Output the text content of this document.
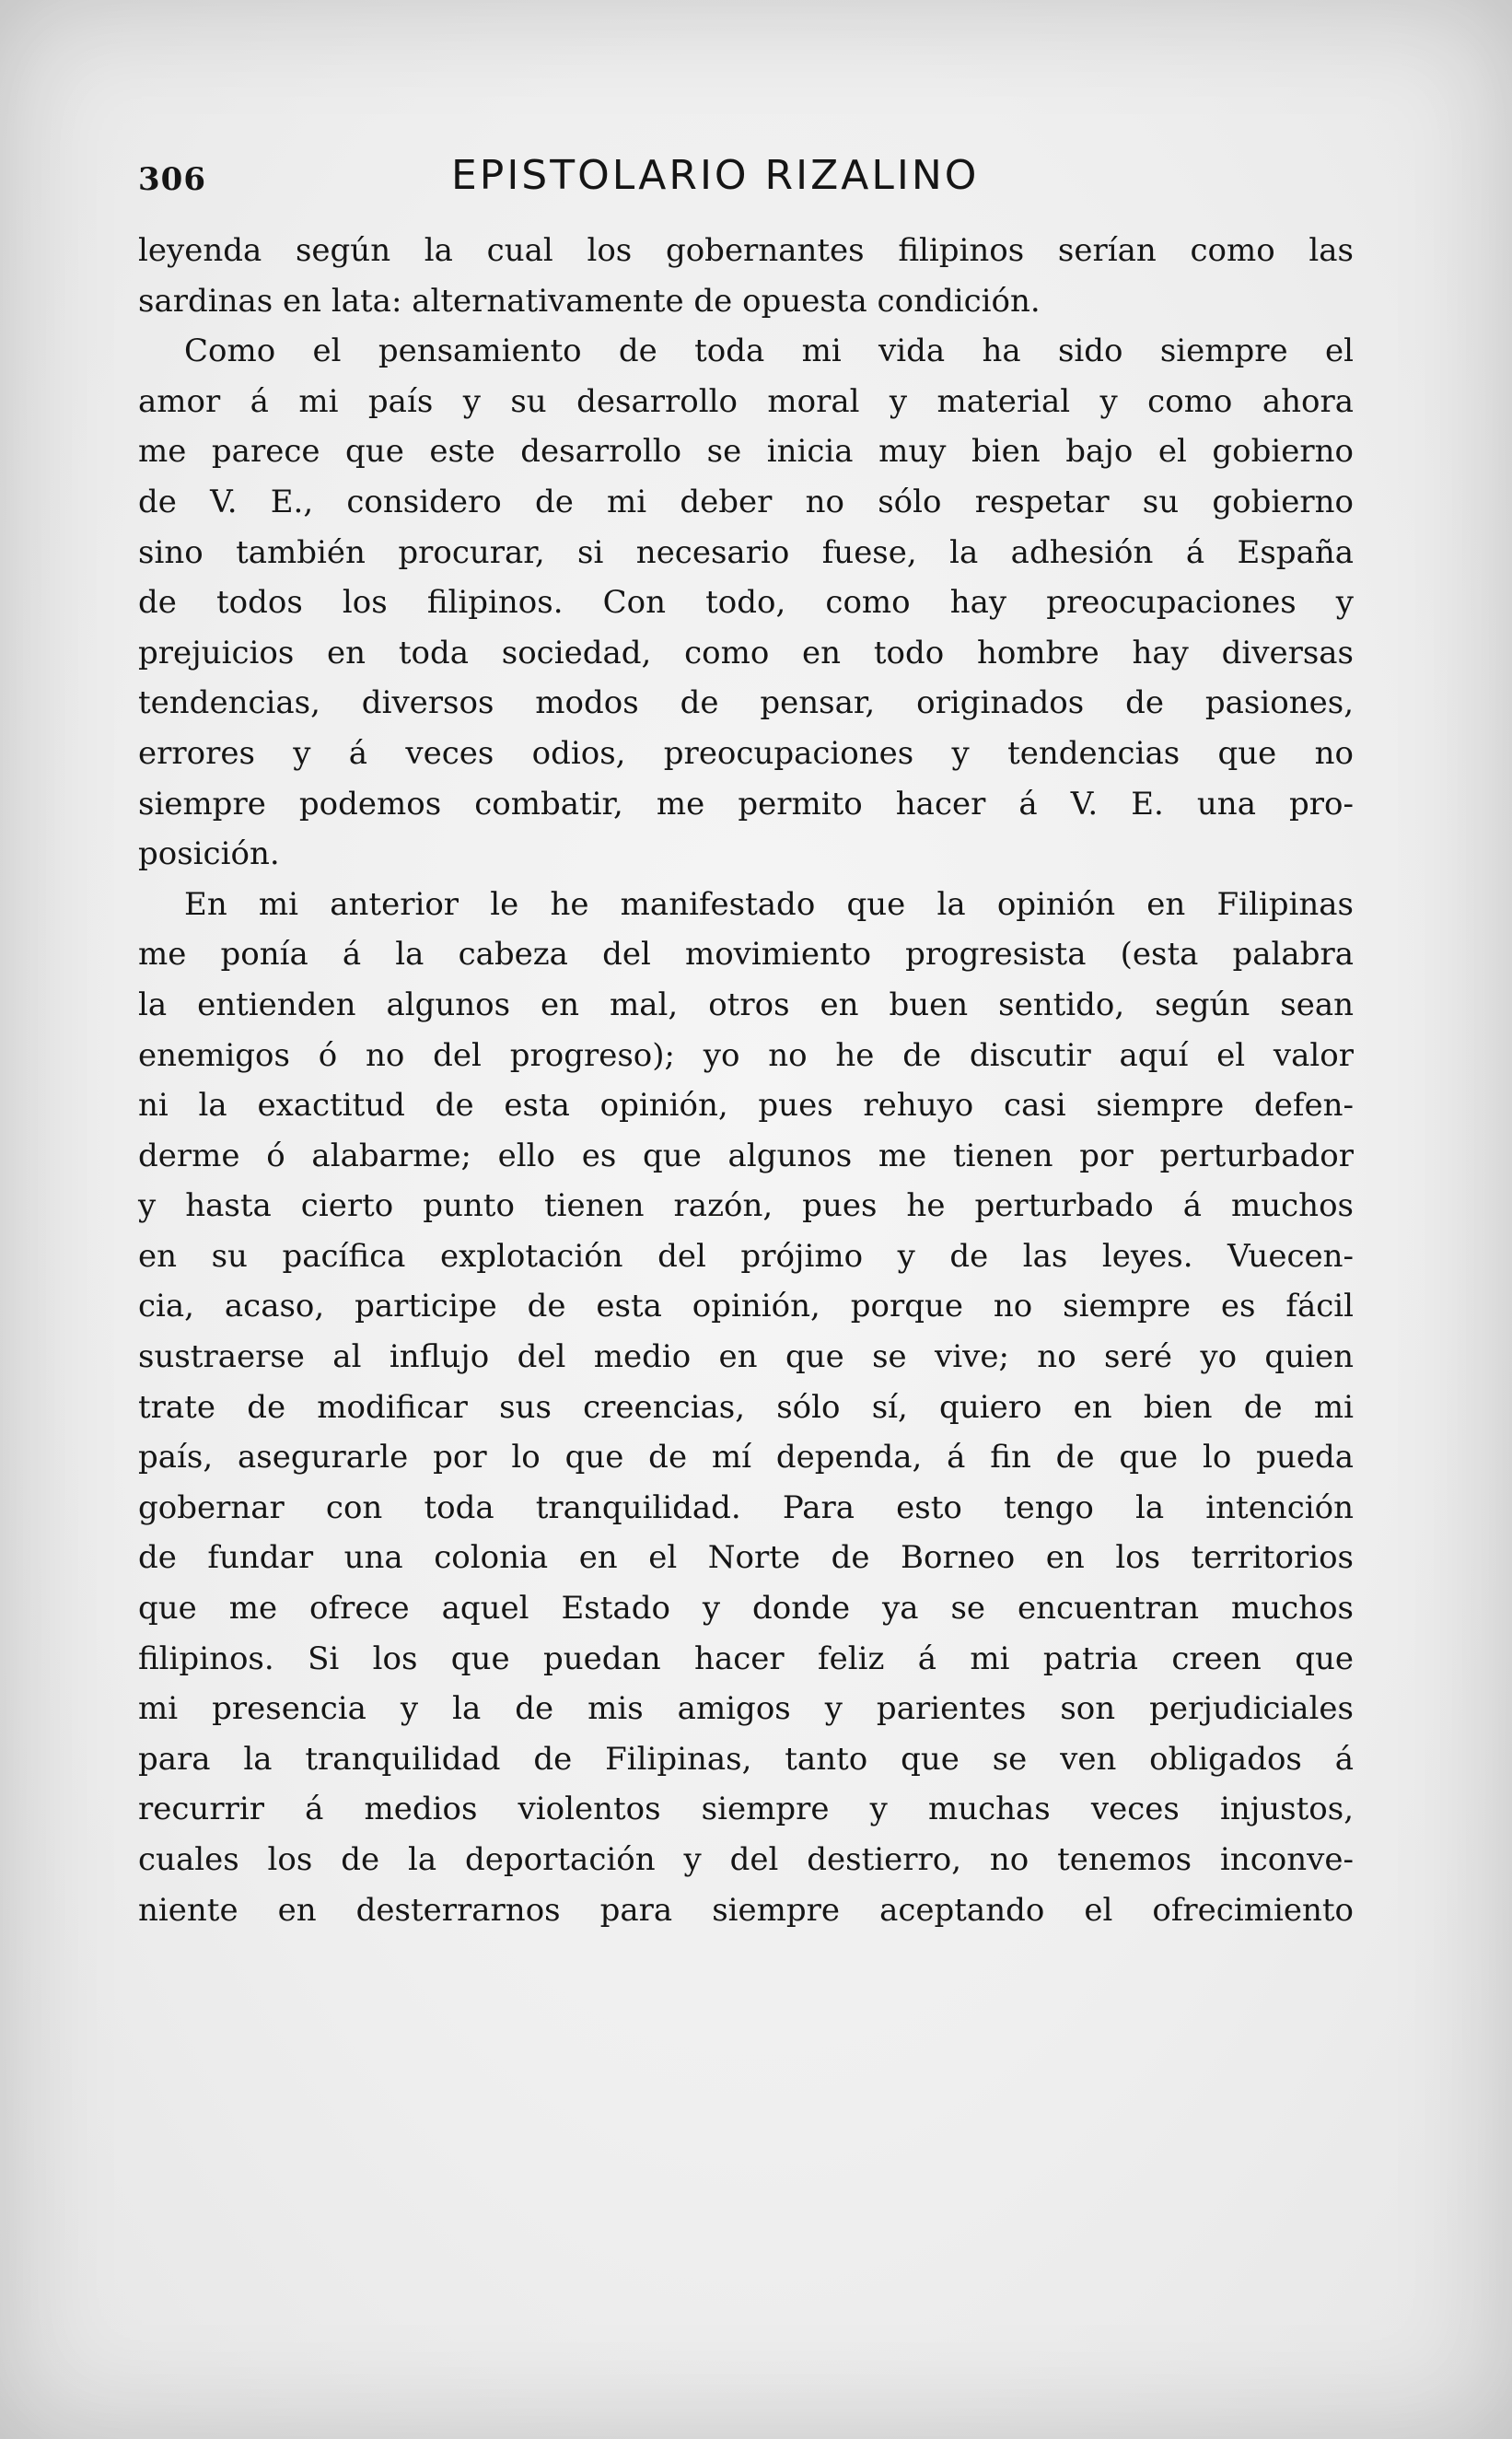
306	EPISTOLARIO RIZALINO
leyenda según la cual los gobernantes filipinos serían como las
sardinas en lata: alternativamente de opuesta condición.
Como el pensamiento de toda mi vida ha sido siempre el
amor á mi país y su desarrollo moral y material y como ahora
me parece que este desarrollo se inicia muy bien bajo el gobierno
de V. E., considero de mi deber no sólo respetar su gobierno
sino también procurar, si necesario fuese, la adhesión á España
de todos los filipinos. Con todo, como hay preocupaciones y
prejuicios en toda sociedad, como en todo hombre hay diversas
tendencias, diversos modos de pensar, originados de pasiones,
errores y á veces odios, preocupaciones y tendencias que no
siempre podemos combatir, me permito hacer á V. E. una pro-
posición.
En mi anterior le he manifestado que la opinión en Filipinas
me ponía á la cabeza del movimiento progresista (esta palabra
la entienden algunos en mal, otros en buen sentido, según sean
enemigos ó no del progreso); yo no he de discutir aquí el valor
ni la exactitud de esta opinión, pues rehuyo casi siempre defen-
derme ó alabarme; ello es que algunos me tienen por perturbador
y hasta cierto punto tienen razón, pues he perturbado á muchos
en su pacífica explotación del prójimo y de las leyes. Vuecen-
cia, acaso, participe de esta opinión, porque no siempre es fácil
sustraerse al influjo del medio en que se vive; no seré yo quien
trate de modificar sus creencias, sólo sí, quiero en bien de mi
país, asegurarle por lo que de mí dependa, á fin de que lo pueda
gobernar con toda tranquilidad. Para esto tengo la intención
de fundar una colonia en el Norte de Borneo en los territorios
que me ofrece aquel Estado y donde ya se encuentran muchos
filipinos. Si los que puedan hacer feliz á mi patria creen que
mi presencia y la de mis amigos y parientes son perjudiciales
para la tranquilidad de Filipinas, tanto que se ven obligados á
recurrir á medios violentos siempre y muchas veces injustos,
cuales los de la deportación y del destierro, no tenemos inconve-
niente en desterrarnos para siempre aceptando el ofrecimiento
